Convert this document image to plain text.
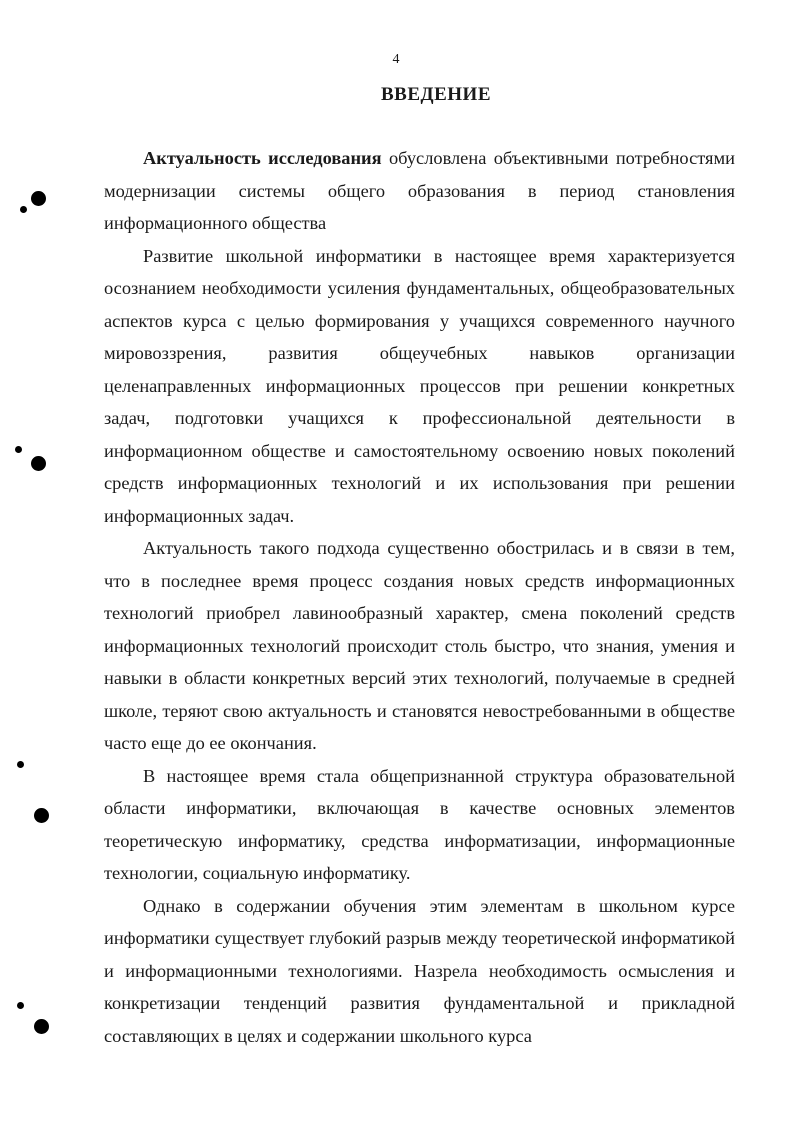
4
ВВЕДЕНИЕ

Актуальность исследования обусловлена объективными потребностями модернизации системы общего образования в период становления информационного общества

Развитие школьной информатики в настоящее время характеризуется осознанием необходимости усиления фундаментальных, общеобразовательных аспектов курса с целью формирования у учащихся современного научного мировоззрения, развития общеучебных навыков организации целенаправленных информационных процессов при решении конкретных задач, подготовки учащихся к профессиональной деятельности в информационном обществе и самостоятельному освоению новых поколений средств информационных технологий и их использования при решении информационных задач.

Актуальность такого подхода существенно обострилась и в связи в тем, что в последнее время процесс создания новых средств информационных технологий приобрел лавинообразный характер, смена поколений средств информационных технологий происходит столь быстро, что знания, умения и навыки в области конкретных версий этих технологий, получаемые в средней школе, теряют свою актуальность и становятся невостребованными в обществе часто еще до ее окончания.

В настоящее время стала общепризнанной структура образовательной области информатики, включающая в качестве основных элементов теоретическую информатику, средства информатизации, информационные технологии, социальную информатику.

Однако в содержании обучения этим элементам в школьном курсе информатики существует глубокий разрыв между теоретической информатикой и информационными технологиями. Назрела необходимость осмысления и конкретизации тенденций развития фундаментальной и прикладной составляющих в целях и содержании школьного курса
